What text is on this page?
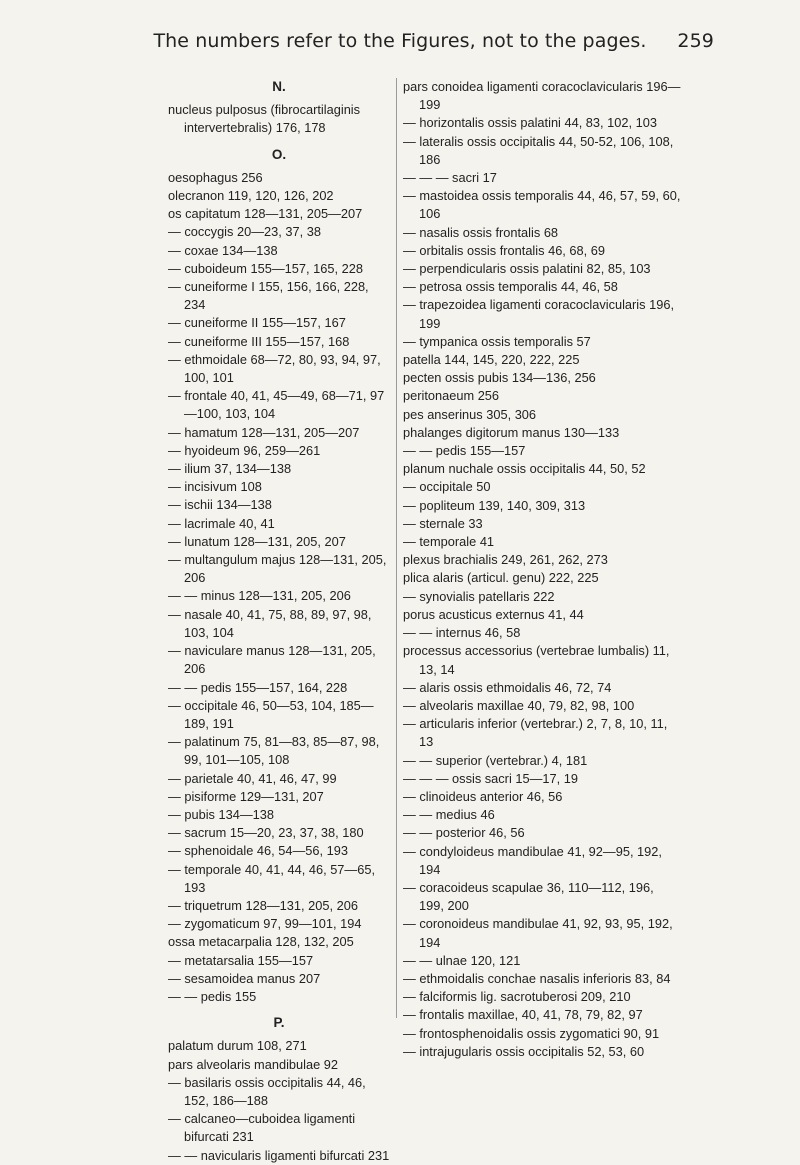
The numbers refer to the Figures, not to the pages.	259
N.
nucleus pulposus (fibrocartilaginis intervertebralis) 176, 178
O.
oesophagus 256
olecranon 119, 120, 126, 202
os capitatum 128—131, 205—207
— coccygis 20—23, 37, 38
— coxae 134—138
— cuboideum 155—157, 165, 228
— cuneiforme I 155, 156, 166, 228, 234
— cuneiforme II 155—157, 167
— cuneiforme III 155—157, 168
— ethmoidale 68—72, 80, 93, 94, 97, 100, 101
— frontale 40, 41, 45—49, 68—71, 97—100, 103, 104
— hamatum 128—131, 205—207
— hyoideum 96, 259—261
— ilium 37, 134—138
— incisivum 108
— ischii 134—138
— lacrimale 40, 41
— lunatum 128—131, 205, 207
— multangulum majus 128—131, 205, 206
— — minus 128—131, 205, 206
— nasale 40, 41, 75, 88, 89, 97, 98, 103, 104
— naviculare manus 128—131, 205, 206
— — pedis 155—157, 164, 228
— occipitale 46, 50—53, 104, 185—189, 191
— palatinum 75, 81—83, 85—87, 98, 99, 101—105, 108
— parietale 40, 41, 46, 47, 99
— pisiforme 129—131, 207
— pubis 134—138
— sacrum 15—20, 23, 37, 38, 180
— sphenoidale 46, 54—56, 193
— temporale 40, 41, 44, 46, 57—65, 193
— triquetrum 128—131, 205, 206
— zygomaticum 97, 99—101, 194
ossa metacarpalia 128, 132, 205
— metatarsalia 155—157
— sesamoidea manus 207
— — pedis 155
P.
palatum durum 108, 271
pars alveolaris mandibulae 92
— basilaris ossis occipitalis 44, 46, 152, 186—188
— calcaneo—cuboidea ligamenti bifurcati 231
— — navicularis ligamenti bifurcati 231
pars conoidea ligamenti coracoclavicularis 196—199
— horizontalis ossis palatini 44, 83, 102, 103
— lateralis ossis occipitalis 44, 50-52, 106, 108, 186
— — — sacri 17
— mastoidea ossis temporalis 44, 46, 57, 59, 60, 106
— nasalis ossis frontalis 68
— orbitalis ossis frontalis 46, 68, 69
— perpendicularis ossis palatini 82, 85, 103
— petrosa ossis temporalis 44, 46, 58
— trapezoidea ligamenti coracoclavicularis 196, 199
— tympanica ossis temporalis 57
patella 144, 145, 220, 222, 225
pecten ossis pubis 134—136, 256
peritonaeum 256
pes anserinus 305, 306
phalanges digitorum manus 130—133
— — pedis 155—157
planum nuchale ossis occipitalis 44, 50, 52
— occipitale 50
— popliteum 139, 140, 309, 313
— sternale 33
— temporale 41
plexus brachialis 249, 261, 262, 273
plica alaris (articul. genu) 222, 225
— synovialis patellaris 222
porus acusticus externus 41, 44
— — internus 46, 58
processus accessorius (vertebrae lumbalis) 11, 13, 14
— alaris ossis ethmoidalis 46, 72, 74
— alveolaris maxillae 40, 79, 82, 98, 100
— articularis inferior (vertebrar.) 2, 7, 8, 10, 11, 13
— — superior (vertebrar.) 4, 181
— — — ossis sacri 15—17, 19
— clinoideus anterior 46, 56
— — medius 46
— — posterior 46, 56
— condyloideus mandibulae 41, 92—95, 192, 194
— coracoideus scapulae 36, 110—112, 196, 199, 200
— coronoideus mandibulae 41, 92, 93, 95, 192, 194
— — ulnae 120, 121
— ethmoidalis conchae nasalis inferioris 83, 84
— falciformis lig. sacrotuberosi 209, 210
— frontalis maxillae, 40, 41, 78, 79, 82, 97
— frontosphenoidalis ossis zygomatici 90, 91
— intrajugularis ossis occipitalis 52, 53, 60
